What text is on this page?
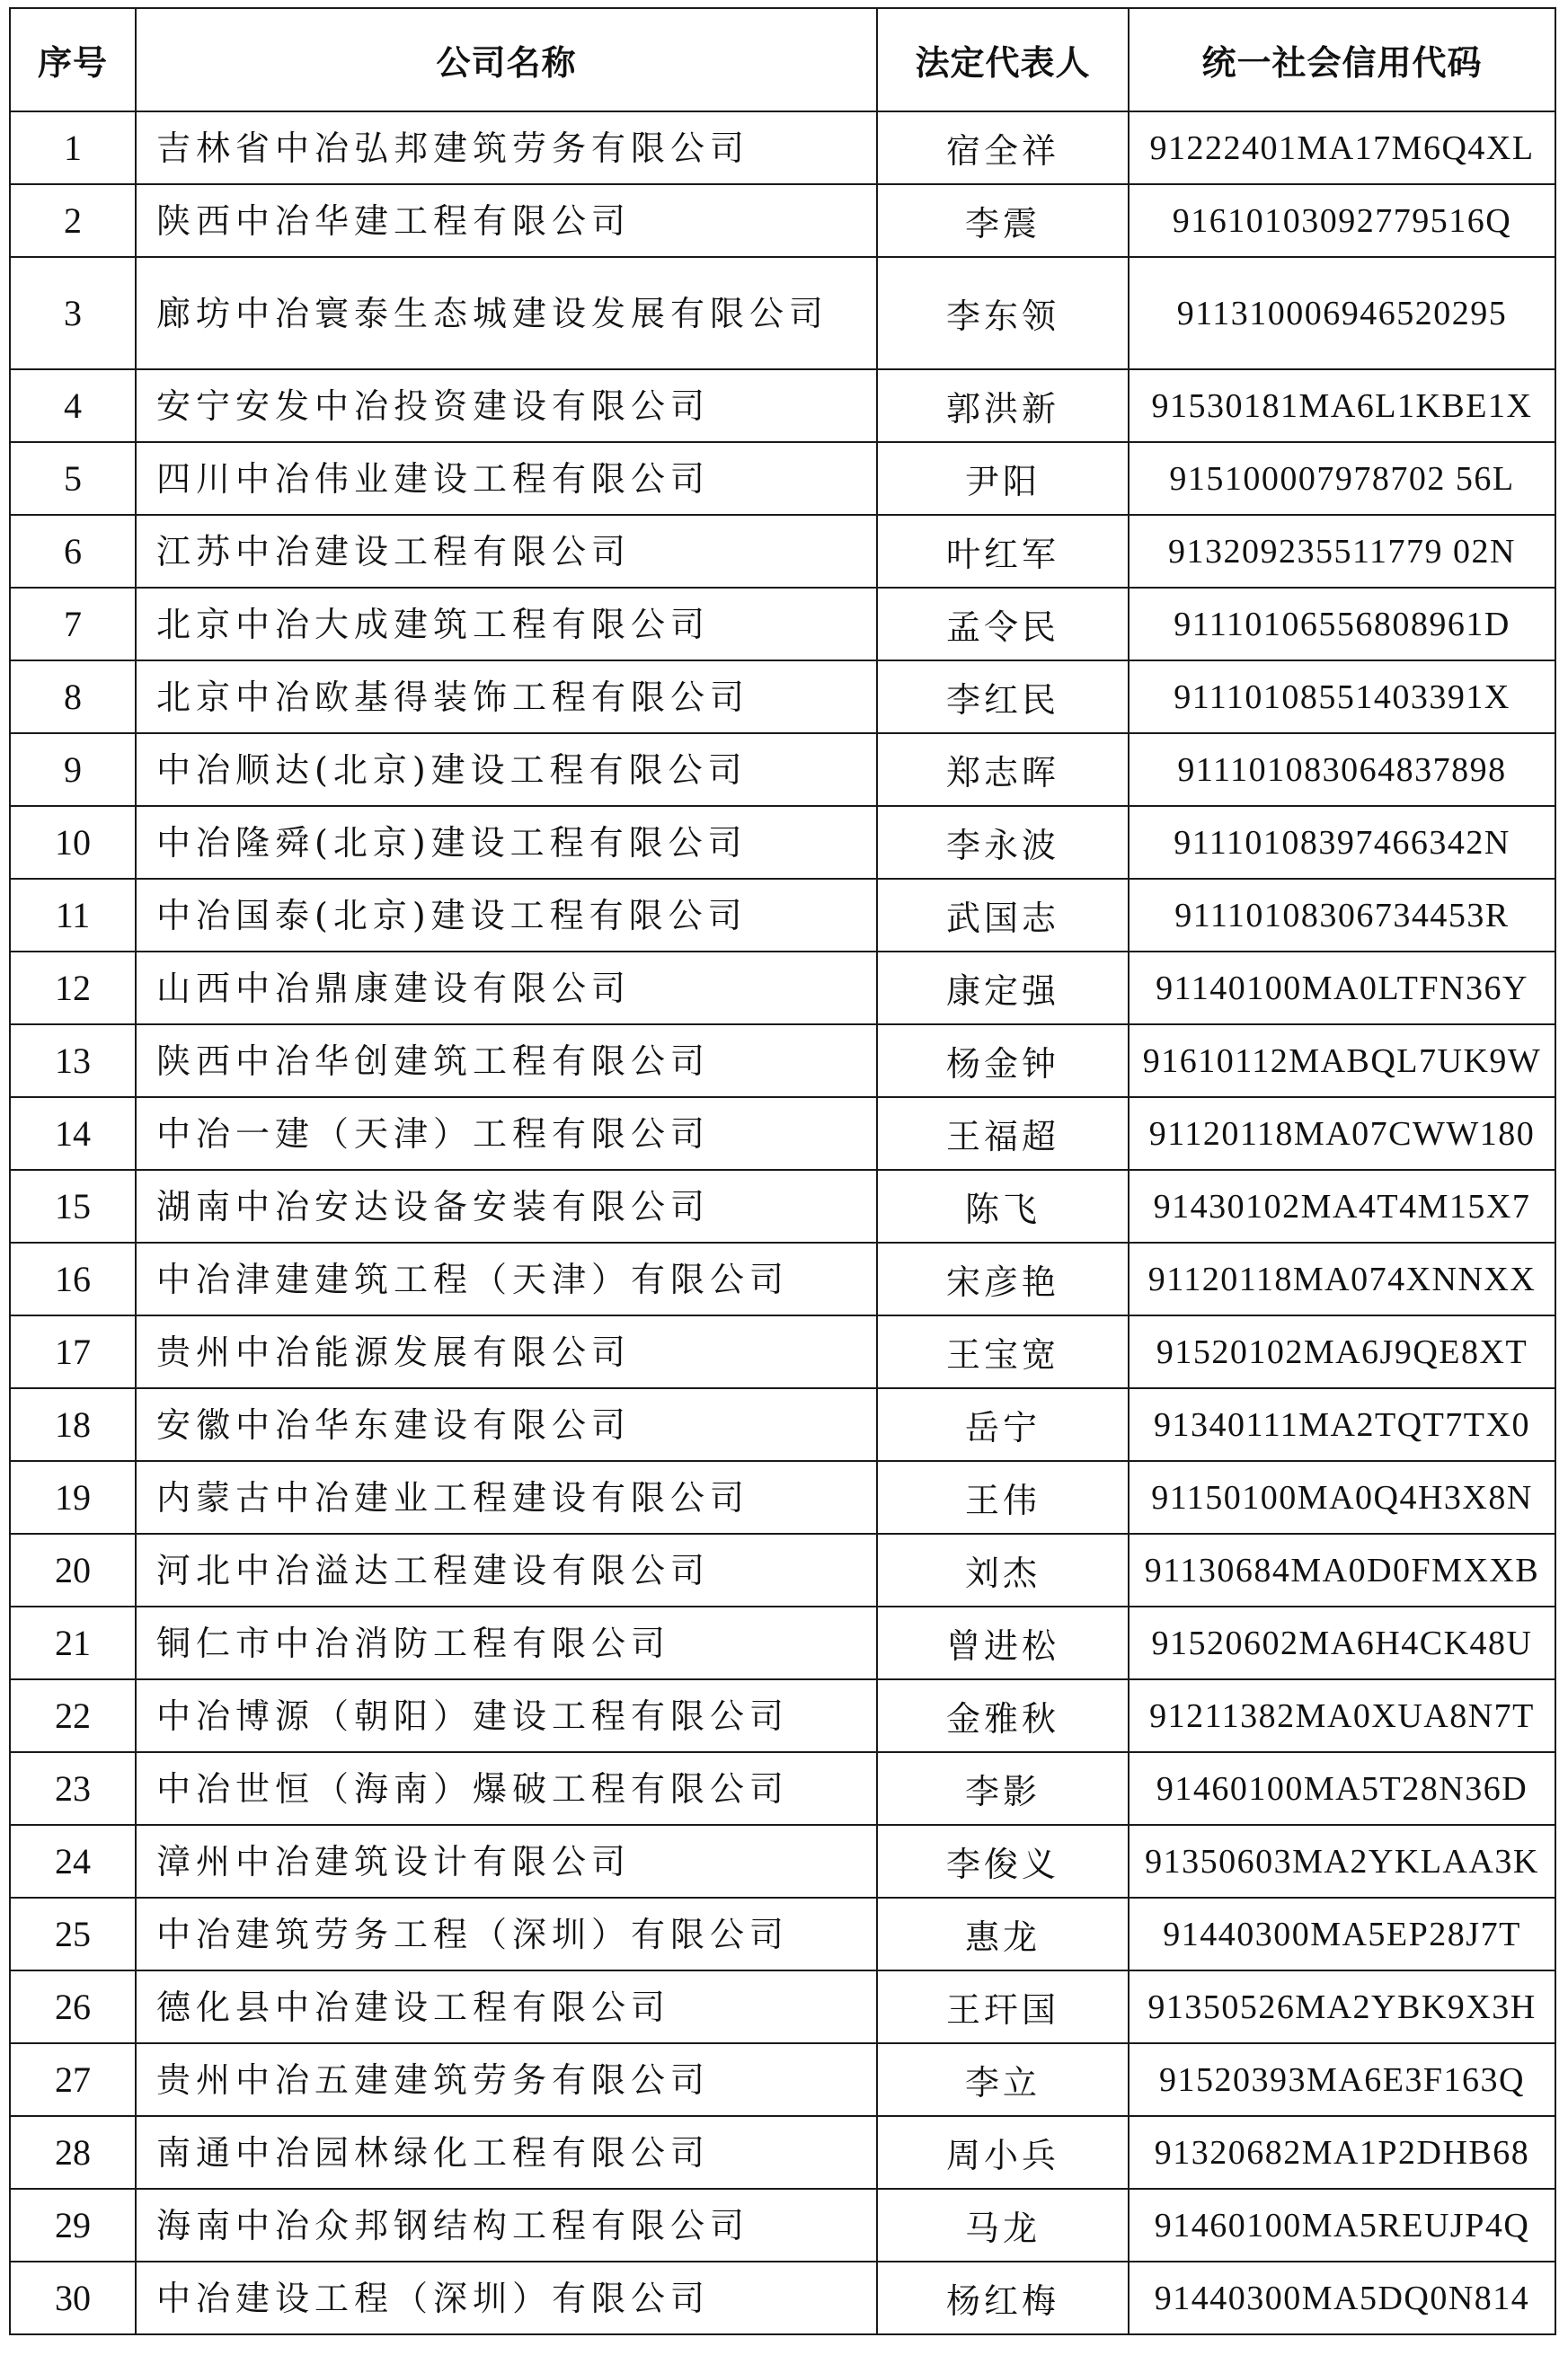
序号	公司名称	法定代表人	统一社会信用代码
1	吉林省中冶弘邦建筑劳务有限公司	宿全祥	91222401MA17M6Q4XL
2	陕西中冶华建工程有限公司	李震	91610103092779516Q
3	廊坊中冶寰泰生态城建设发展有限公司	李东领	911310006946520295
4	安宁安发中冶投资建设有限公司	郭洪新	91530181MA6L1KBE1X
5	四川中冶伟业建设工程有限公司	尹阳	915100007978702 56L
6	江苏中冶建设工程有限公司	叶红军	913209235511779 02N
7	北京中冶大成建筑工程有限公司	孟令民	91110106556808961D
8	北京中冶欧基得装饰工程有限公司	李红民	91110108551403391X
9	中冶顺达(北京)建设工程有限公司	郑志晖	911101083064837898
10	中冶隆舜(北京)建设工程有限公司	李永波	91110108397466342N
11	中冶国泰(北京)建设工程有限公司	武国志	91110108306734453R
12	山西中冶鼎康建设有限公司	康定强	91140100MA0LTFN36Y
13	陕西中冶华创建筑工程有限公司	杨金钟	91610112MABQL7UK9W
14	中冶一建（天津）工程有限公司	王福超	91120118MA07CWW180
15	湖南中冶安达设备安装有限公司	陈飞	91430102MA4T4M15X7
16	中冶津建建筑工程（天津）有限公司	宋彦艳	91120118MA074XNNXX
17	贵州中冶能源发展有限公司	王宝宽	91520102MA6J9QE8XT
18	安徽中冶华东建设有限公司	岳宁	91340111MA2TQT7TX0
19	内蒙古中冶建业工程建设有限公司	王伟	91150100MA0Q4H3X8N
20	河北中冶溢达工程建设有限公司	刘杰	91130684MA0D0FMXXB
21	铜仁市中冶消防工程有限公司	曾进松	91520602MA6H4CK48U
22	中冶博源（朝阳）建设工程有限公司	金雅秋	91211382MA0XUA8N7T
23	中冶世恒（海南）爆破工程有限公司	李影	91460100MA5T28N36D
24	漳州中冶建筑设计有限公司	李俊义	91350603MA2YKLAA3K
25	中冶建筑劳务工程（深圳）有限公司	惠龙	91440300MA5EP28J7T
26	德化县中冶建设工程有限公司	王玕国	91350526MA2YBK9X3H
27	贵州中冶五建建筑劳务有限公司	李立	91520393MA6E3F163Q
28	南通中冶园林绿化工程有限公司	周小兵	91320682MA1P2DHB68
29	海南中冶众邦钢结构工程有限公司	马龙	91460100MA5REUJP4Q
30	中冶建设工程（深圳）有限公司	杨红梅	91440300MA5DQ0N814
